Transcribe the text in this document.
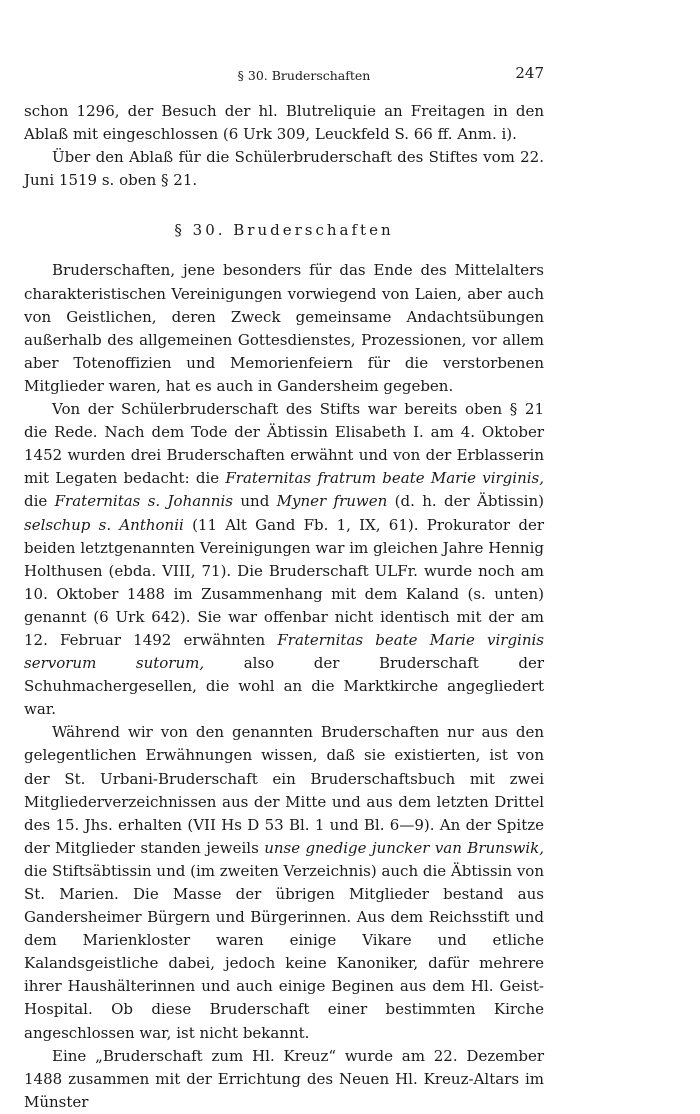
§ 30. Bruderschaften	247

schon 1296, der Besuch der hl. Blutreliquie an Freitagen in den Ablaß mit eingeschlossen (6 Urk 309, Leuckfeld S. 66 ff. Anm. i).

Über den Ablaß für die Schülerbruderschaft des Stiftes vom 22. Juni 1519 s. oben § 21.

§ 30. Bruderschaften

Bruderschaften, jene besonders für das Ende des Mittelalters charakteristischen Vereinigungen vorwiegend von Laien, aber auch von Geistlichen, deren Zweck gemeinsame Andachtsübungen außerhalb des allgemeinen Gottesdienstes, Prozessionen, vor allem aber Totenoffizien und Memorienfeiern für die verstorbenen Mitglieder waren, hat es auch in Gandersheim gegeben.

Von der Schülerbruderschaft des Stifts war bereits oben § 21 die Rede. Nach dem Tode der Äbtissin Elisabeth I. am 4. Oktober 1452 wurden drei Bruderschaften erwähnt und von der Erblasserin mit Legaten bedacht: die Fraternitas fratrum beate Marie virginis, die Fraternitas s. Johannis und Myner fruwen (d. h. der Äbtissin) selschup s. Anthonii (11 Alt Gand Fb. 1, IX, 61). Prokurator der beiden letztgenannten Vereinigungen war im gleichen Jahre Hennig Holthusen (ebda. VIII, 71). Die Bruderschaft ULFr. wurde noch am 10. Oktober 1488 im Zusammenhang mit dem Kaland (s. unten) genannt (6 Urk 642). Sie war offenbar nicht identisch mit der am 12. Februar 1492 erwähnten Fraternitas beate Marie virginis servorum sutorum, also der Bruderschaft der Schuhmachergesellen, die wohl an die Marktkirche angegliedert war.

Während wir von den genannten Bruderschaften nur aus den gelegentlichen Erwähnungen wissen, daß sie existierten, ist von der St. Urbani-Bruderschaft ein Bruderschaftsbuch mit zwei Mitgliederverzeichnissen aus der Mitte und aus dem letzten Drittel des 15. Jhs. erhalten (VII Hs D 53 Bl. 1 und Bl. 6—9). An der Spitze der Mitglieder standen jeweils unse gnedige juncker van Brunswik, die Stiftsäbtissin und (im zweiten Verzeichnis) auch die Äbtissin von St. Marien. Die Masse der übrigen Mitglieder bestand aus Gandersheimer Bürgern und Bürgerinnen. Aus dem Reichsstift und dem Marienkloster waren einige Vikare und etliche Kalandsgeistliche dabei, jedoch keine Kanoniker, dafür mehrere ihrer Haushälterinnen und auch einige Beginen aus dem Hl. Geist-Hospital. Ob diese Bruderschaft einer bestimmten Kirche angeschlossen war, ist nicht bekannt.

Eine „Bruderschaft zum Hl. Kreuz“ wurde am 22. Dezember 1488 zusammen mit der Errichtung des Neuen Hl. Kreuz-Altars im Münster
